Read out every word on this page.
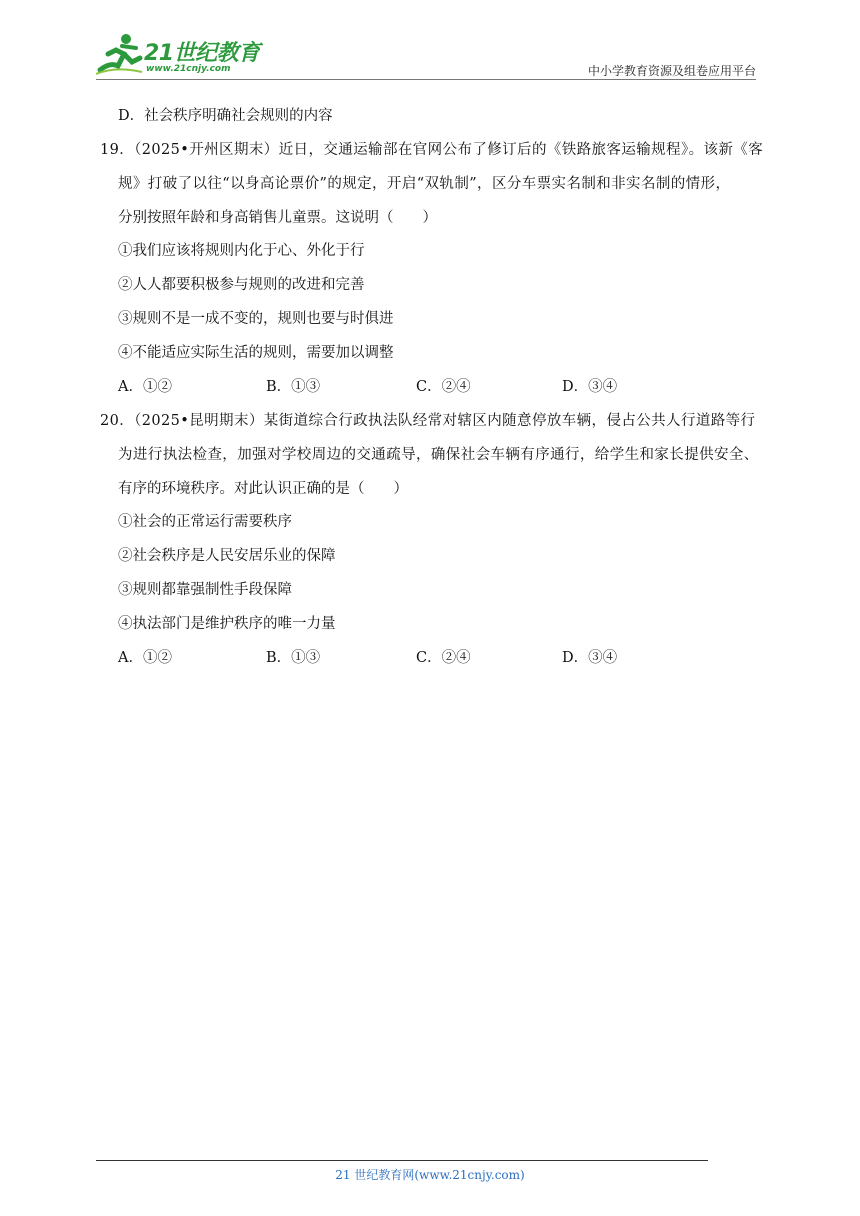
21世纪教育
www.21cnjy.com	中小学教育资源及组卷应用平台
D．社会秩序明确社会规则的内容
19．（2025•开州区期末）近日，交通运输部在官网公布了修订后的《铁路旅客运输规程》。该新《客
规》打破了以往“以身高论票价”的规定，开启“双轨制”，区分车票实名制和非实名制的情形，
分别按照年龄和身高销售儿童票。这说明（　　）
①我们应该将规则内化于心、外化于行
②人人都要积极参与规则的改进和完善
③规则不是一成不变的，规则也要与时俱进
④不能适应实际生活的规则，需要加以调整
A．①②	B．①③	C．②④	D．③④
20．（2025•昆明期末）某街道综合行政执法队经常对辖区内随意停放车辆，侵占公共人行道路等行
为进行执法检查，加强对学校周边的交通疏导，确保社会车辆有序通行，给学生和家长提供安全、
有序的环境秩序。对此认识正确的是（　　）
①社会的正常运行需要秩序
②社会秩序是人民安居乐业的保障
③规则都靠强制性手段保障
④执法部门是维护秩序的唯一力量
A．①②	B．①③	C．②④	D．③④
21 世纪教育网(www.21cnjy.com)
